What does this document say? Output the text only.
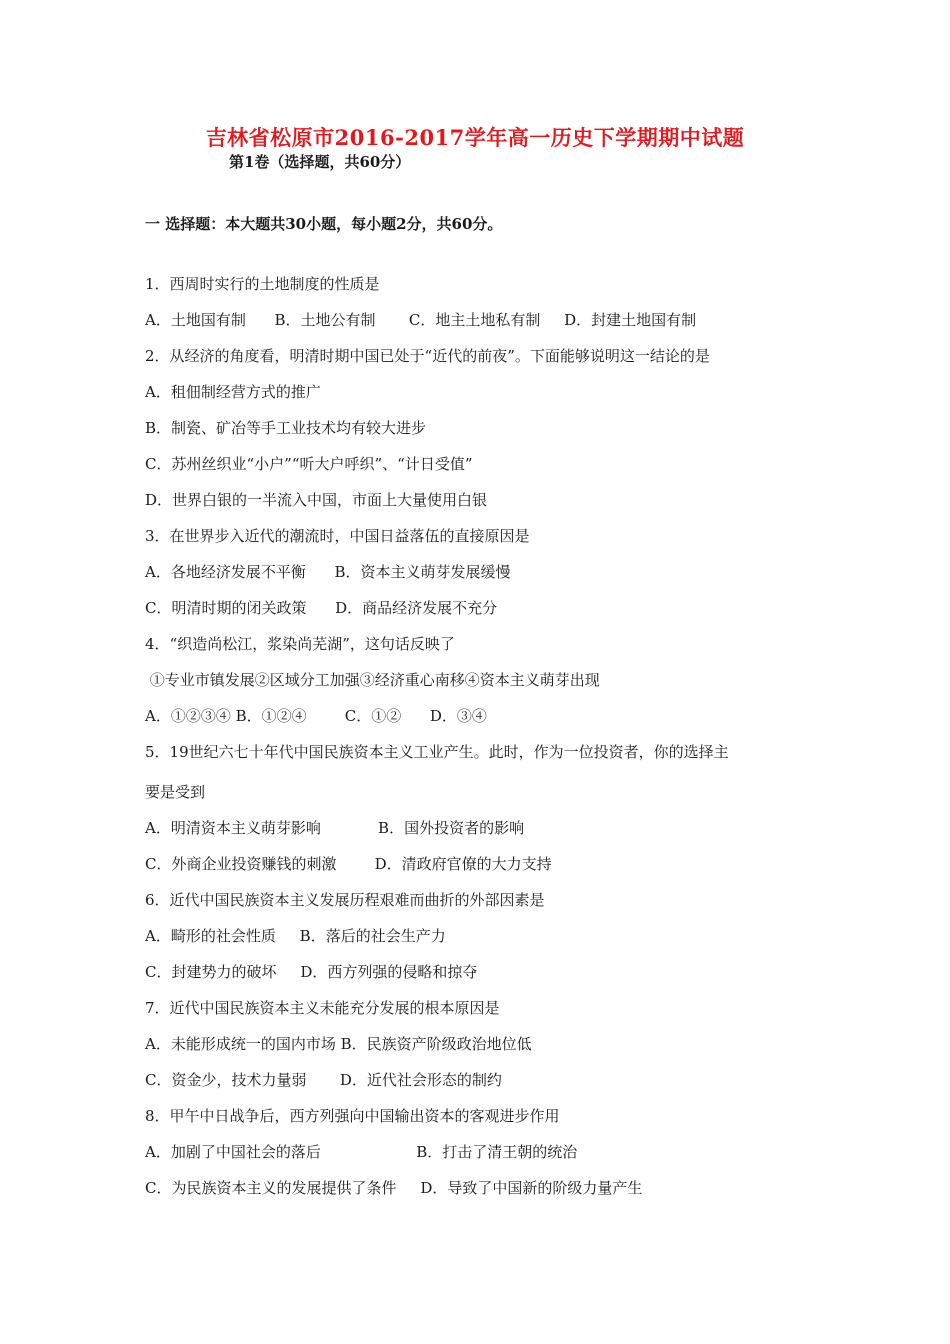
吉林省松原市2016-2017学年高一历史下学期期中试题
第1卷（选择题，共60分）
一 选择题：本大题共30小题，每小题2分，共60分。
1．西周时实行的土地制度的性质是
A．土地国有制      B．土地公有制       C．地主土地私有制     D．封建土地国有制
2．从经济的角度看，明清时期中国已处于“近代的前夜”。下面能够说明这一结论的是
A．租佃制经营方式的推广
B．制瓷、矿冶等手工业技术均有较大进步
C．苏州丝织业“小户”“听大户呼织”、“计日受值”
D．世界白银的一半流入中国，市面上大量使用白银
3．在世界步入近代的潮流时，中国日益落伍的直接原因是
A．各地经济发展不平衡      B．资本主义萌芽发展缓慢
C．明清时期的闭关政策      D．商品经济发展不充分
4．“织造尚松江，浆染尚芜湖”，这句话反映了
①专业市镇发展②区域分工加强③经济重心南移④资本主义萌芽出现
A．①②③④ B．①②④        C．①②      D．③④
5．19世纪六七十年代中国民族资本主义工业产生。此时，作为一位投资者，你的选择主
要是受到
A．明清资本主义萌芽影响            B．国外投资者的影响
C．外商企业投资赚钱的刺激        D．清政府官僚的大力支持
6．近代中国民族资本主义发展历程艰难而曲折的外部因素是
A．畸形的社会性质     B．落后的社会生产力
C．封建势力的破坏     D．西方列强的侵略和掠夺
7．近代中国民族资本主义未能充分发展的根本原因是
A．未能形成统一的国内市场 B．民族资产阶级政治地位低
C．资金少，技术力量弱       D．近代社会形态的制约
8．甲午中日战争后，西方列强向中国输出资本的客观进步作用
A．加剧了中国社会的落后                    B．打击了清王朝的统治
C．为民族资本主义的发展提供了条件     D．导致了中国新的阶级力量产生
